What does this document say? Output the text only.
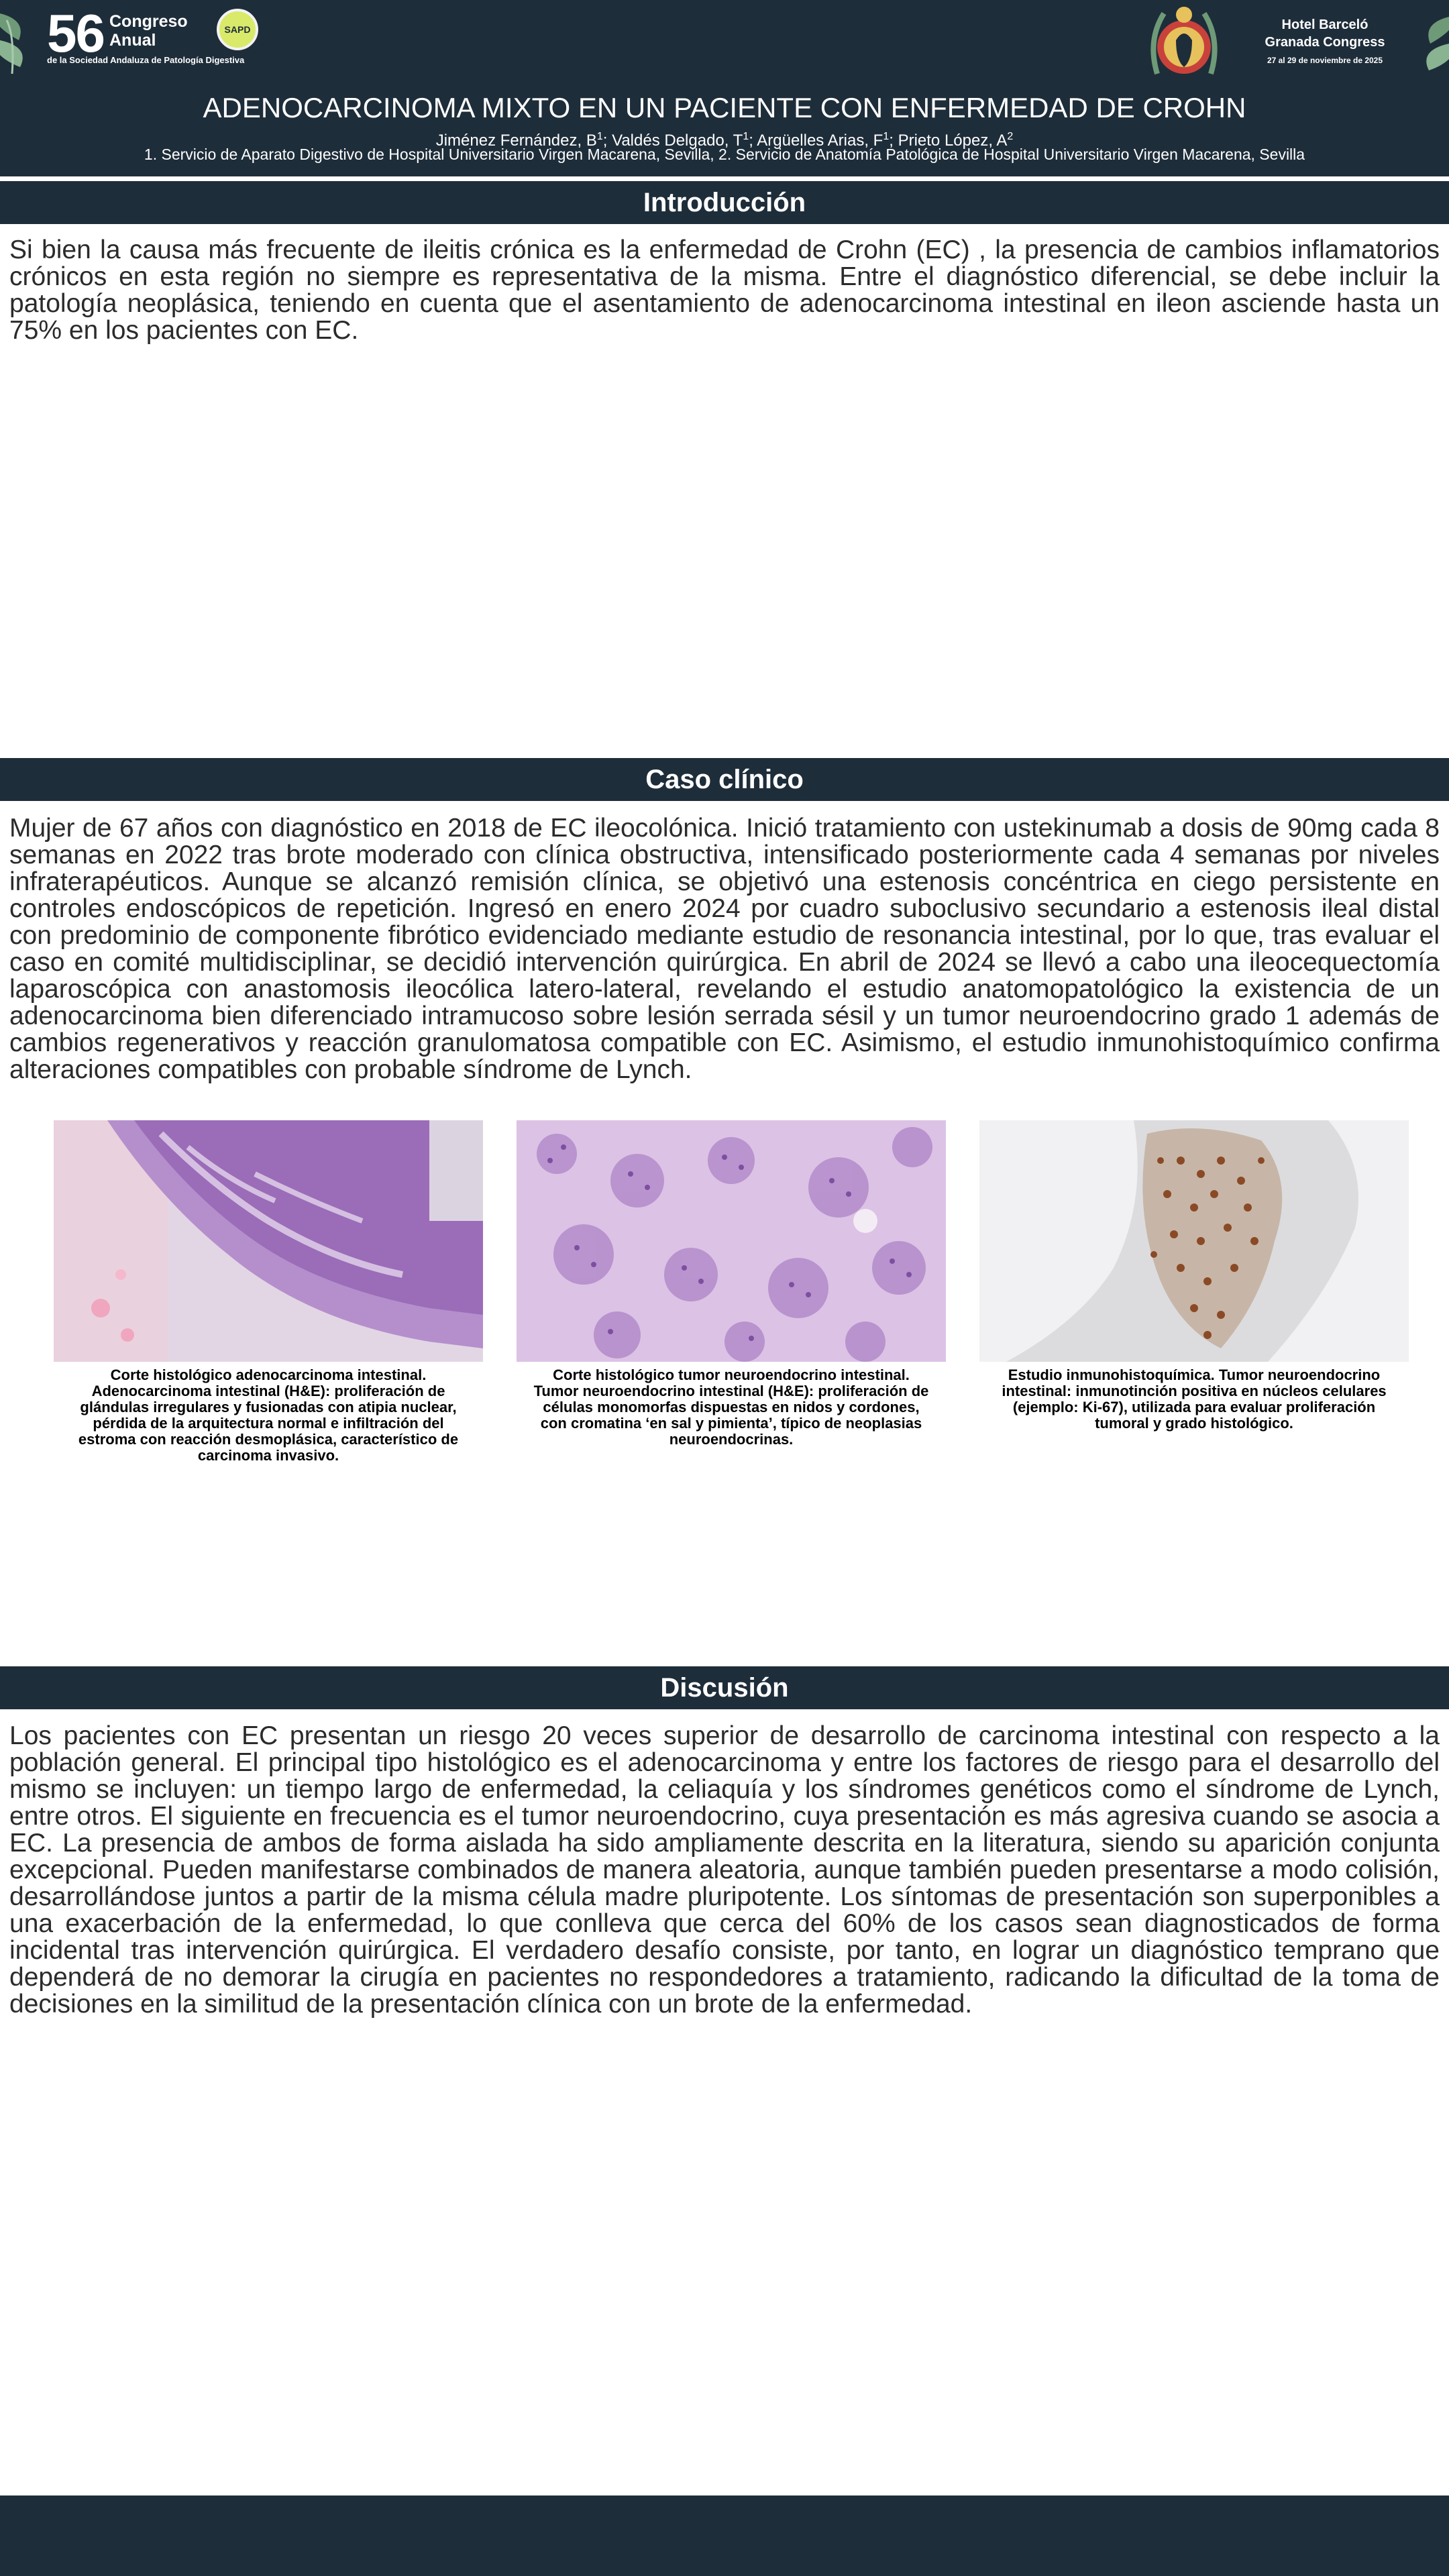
56 Congreso
Anual
de la Sociedad Andaluza de Patología Digestiva
SAPD	Hotel Barceló
Granada Congress
27 al 29 de noviembre de 2025
ADENOCARCINOMA MIXTO EN UN PACIENTE CON ENFERMEDAD DE CROHN
Jiménez Fernández, $B^1$; Valdés Delgado, $T^1$; Argüelles Arias, $F^1$; Prieto López, $A^2$
1. Servicio de Aparato Digestivo de Hospital Universitario Virgen Macarena, Sevilla, 2. Servicio de Anatomía Patológica de Hospital Universitario Virgen Macarena, Sevilla
Introducción

Si bien la causa más frecuente de ileitis crónica es la enfermedad de Crohn (EC) , la presencia de cambios inflamatorios crónicos en esta región no siempre es representativa de la misma. Entre el diagnóstico diferencial, se debe incluir la patología neoplásica, teniendo en cuenta que el asentamiento de adenocarcinoma intestinal en ileon asciende hasta un 75% en los pacientes con EC.

Caso clínico

Mujer de 67 años con diagnóstico en 2018 de EC ileocolónica. Inició tratamiento con ustekinumab a dosis de 90mg cada 8 semanas en 2022 tras brote moderado con clínica obstructiva, intensificado posteriormente cada 4 semanas por niveles infraterapéuticos. Aunque se alcanzó remisión clínica, se objetivó una estenosis concéntrica en ciego persistente en controles endoscópicos de repetición. Ingresó en enero 2024 por cuadro suboclusivo secundario a estenosis ileal distal con predominio de componente fibrótico evidenciado mediante estudio de resonancia intestinal, por lo que, tras evaluar el caso en comité multidisciplinar, se decidió intervención quirúrgica. En abril de 2024 se llevó a cabo una ileocequectomía laparoscópica con anastomosis ileocólica latero-lateral, revelando el estudio anatomopatológico la existencia de un adenocarcinoma bien diferenciado intramucoso sobre lesión serrada sésil y un tumor neuroendocrino grado 1 además de cambios regenerativos y reacción granulomatosa compatible con EC. Asimismo, el estudio inmunohistoquímico confirma alteraciones compatibles con probable síndrome de Lynch.

Corte histológico adenocarcinoma intestinal. Adenocarcinoma intestinal (H&E): proliferación de glándulas irregulares y fusionadas con atipia nuclear, pérdida de la arquitectura normal e infiltración del estroma con reacción desmoplásica, característico de carcinoma invasivo.
Corte histológico tumor neuroendocrino intestinal. Tumor neuroendocrino intestinal (H&E): proliferación de células monomorfas dispuestas en nidos y cordones, con cromatina ‘en sal y pimienta’, típico de neoplasias neuroendocrinas.
Estudio inmunohistoquímica. Tumor neuroendocrino intestinal: inmunotinción positiva en núcleos celulares (ejemplo: Ki-67), utilizada para evaluar proliferación tumoral y grado histológico.
Discusión

Los pacientes con EC presentan un riesgo 20 veces superior de desarrollo de carcinoma intestinal con respecto a la población general. El principal tipo histológico es el adenocarcinoma y entre los factores de riesgo para el desarrollo del mismo se incluyen: un tiempo largo de enfermedad, la celiaquía y los síndromes genéticos como el síndrome de Lynch, entre otros. El siguiente en frecuencia es el tumor neuroendocrino, cuya presentación es más agresiva cuando se asocia a EC. La presencia de ambos de forma aislada ha sido ampliamente descrita en la literatura, siendo su aparición conjunta excepcional. Pueden manifestarse combinados de manera aleatoria, aunque también pueden presentarse a modo colisión, desarrollándose juntos a partir de la misma célula madre pluripotente. Los síntomas de presentación son superponibles a una exacerbación de la enfermedad, lo que conlleva que cerca del 60% de los casos sean diagnosticados de forma incidental tras intervención quirúrgica. El verdadero desafío consiste, por tanto, en lograr un diagnóstico temprano que dependerá de no demorar la cirugía en pacientes no respondedores a tratamiento, radicando la dificultad de la toma de decisiones en la similitud de la presentación clínica con un brote de la enfermedad.
